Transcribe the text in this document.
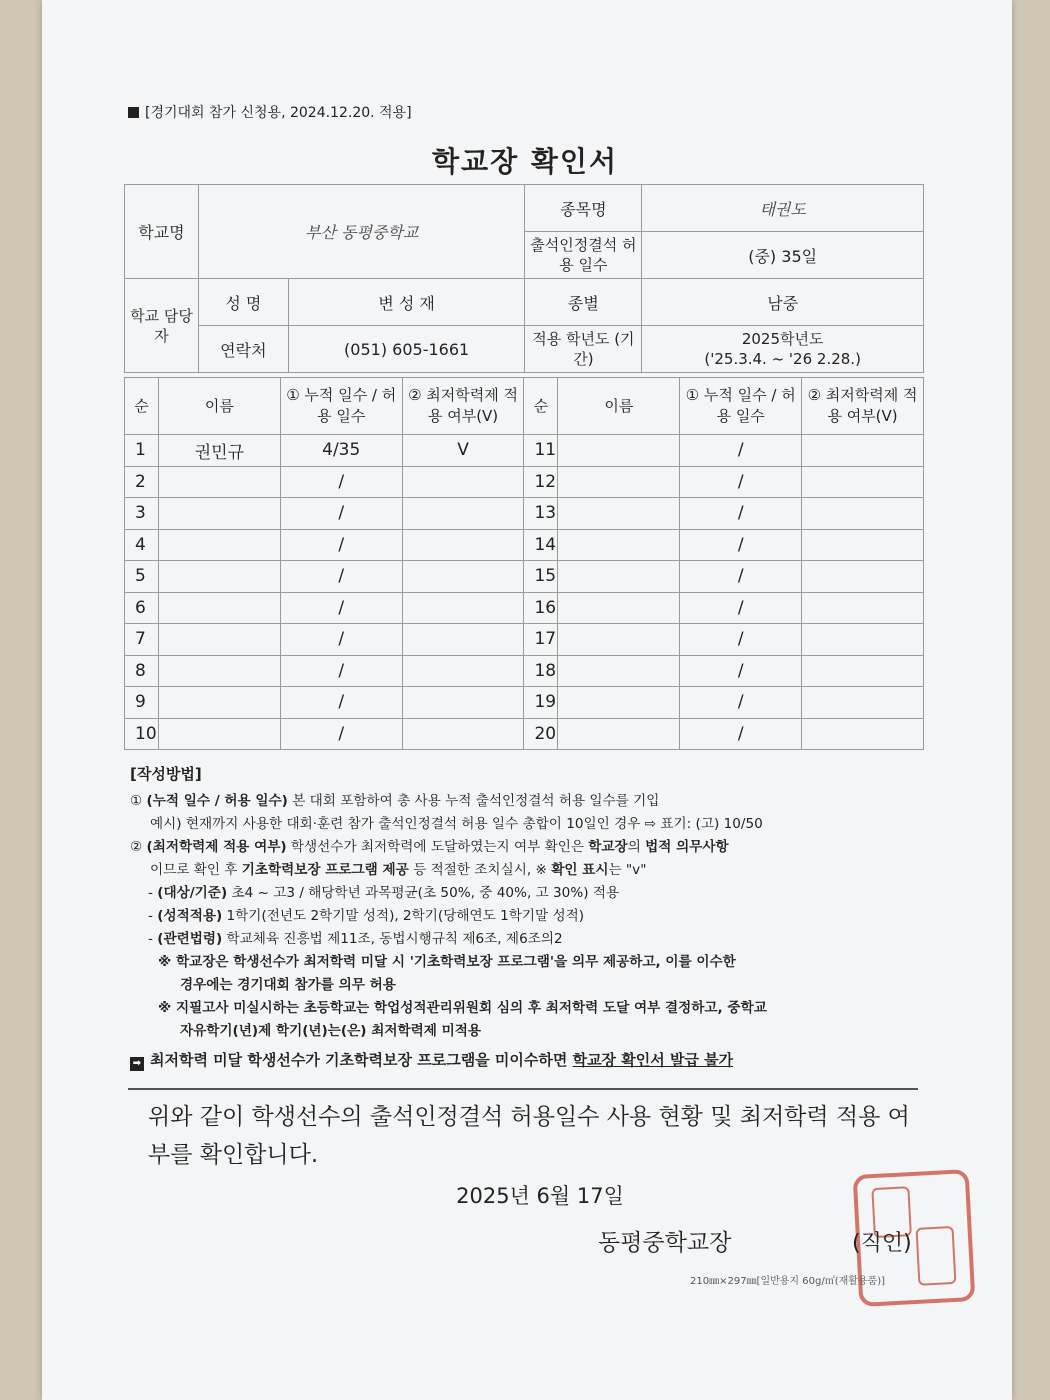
[경기대회 참가 신청용, 2024.12.20. 적용]
학교장 확인서
학교명	부산 동평중학교		종목명	태권도
			출석인정결석 허용 일수	(중) 35일
학교 담당자	성 명	변 성 재	종별	남중
	연락처	(051) 605-1661	적용 학년도 (기간)	2025학년도
('25.3.4. ~ '26 2.28.)
순	이름	① 누적 일수 / 허용 일수	② 최저학력제 적용 여부(V)	순	이름	① 누적 일수 / 허용 일수	② 최저학력제 적용 여부(V)
1	권민규	4/35	V	11		/	
2		/		12		/	
3		/		13		/	
4		/		14		/	
5		/		15		/	
6		/		16		/	
7		/		17		/	
8		/		18		/	
9		/		19		/	
10		/		20		/	
[작성방법]
① (누적 일수 / 허용 일수) 본 대회 포함하여 총 사용 누적 출석인정결석 허용 일수를 기입
예시) 현재까지 사용한 대회·훈련 참가 출석인정결석 허용 일수 총합이 10일인 경우 ⇨ 표기: (고) 10/50
② (최저학력제 적용 여부) 학생선수가 최저학력에 도달하였는지 여부 확인은 학교장의 법적 의무사항
이므로 확인 후 기초학력보장 프로그램 제공 등 적절한 조치실시, ※ 확인 표시는 "v"
- (대상/기준) 초4 ~ 고3 / 해당학년 과목평균(초 50%, 중 40%, 고 30%) 적용
- (성적적용) 1학기(전년도 2학기말 성적), 2학기(당해연도 1학기말 성적)
- (관련법령) 학교체육 진흥법 제11조, 동법시행규칙 제6조, 제6조의2
※ 학교장은 학생선수가 최저학력 미달 시 '기초학력보장 프로그램'을 의무 제공하고, 이를 이수한
경우에는 경기대회 참가를 의무 허용
※ 지필고사 미실시하는 초등학교는 학업성적관리위원회 심의 후 최저학력 도달 여부 결정하고, 중학교
자유학기(년)제 학기(년)는(은) 최저학력제 미적용
➡ 최저학력 미달 학생선수가 기초학력보장 프로그램을 미이수하면 학교장 확인서 발급 불가
위와 같이 학생선수의 출석인정결석 허용일수 사용 현황 및 최저학력 적용 여부를 확인합니다.
2025년 6월 17일
동평중학교장	(직인)
210㎜×297㎜[일반용지 60g/㎡(재활용품)]
